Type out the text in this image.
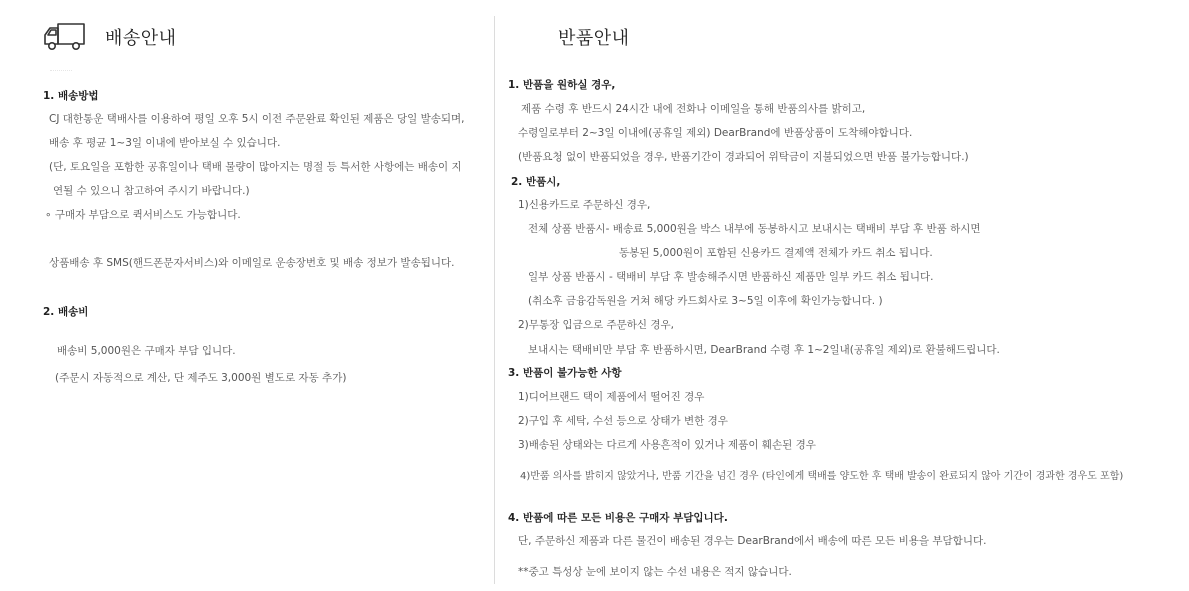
배송안내
1. 배송방법
CJ 대한통운 택배사를 이용하여 평일 오후 5시 이전 주문완료 확인된 제품은 당일 발송되며,
배송 후 평균 1~3일 이내에 받아보실 수 있습니다.
(단, 토요일을 포함한 공휴일이나 택배 물량이 많아지는 명절 등 특서한 사항에는 배송이 지
연될 수 있으니 참고하여 주시기 바랍니다.)
∘ 구매자 부담으로 퀵서비스도 가능합니다.
상품배송 후 SMS(핸드폰문자서비스)와 이메일로 운송장번호 및 배송 정보가 발송됩니다.
2. 배송비
배송비 5,000원은 구매자 부담 입니다.
(주문시 자동적으로 계산, 단 제주도 3,000원 별도로 자동 추가)
반품안내
1. 반품을 원하실 경우,
제품 수령 후 반드시 24시간 내에 전화나 이메일을 통해 반품의사를 밝히고,
수령일로부터 2~3일 이내에(공휴일 제외) DearBrand에 반품상품이 도착해야합니다.
(반품요청 없이 반품되었을 경우, 반품기간이 경과되어 위탁금이 지불되었으면 반품 불가능합니다.)
2. 반품시,
1)신용카드로 주문하신 경우,
전체 상품 반품시- 배송료 5,000원을 박스 내부에 동봉하시고 보내시는 택배비 부담 후 반품 하시면
동봉된 5,000원이 포함된 신용카드 결제액 전체가 카드 취소 됩니다.
일부 상품 반품시 - 택배비 부담 후 발송해주시면 반품하신 제품만 일부 카드 취소 됩니다.
(취소후 금융감독원을 거쳐 해당 카드회사로 3~5일 이후에 확인가능합니다. )
2)무통장 입금으로 주문하신 경우,
보내시는 택배비만 부담 후 반품하시면, DearBrand 수령 후 1~2일내(공휴일 제외)로 환불해드립니다.
3. 반품이 불가능한 사항
1)디어브랜드 택이 제품에서 떨어진 경우
2)구입 후 세탁, 수선 등으로 상태가 변한 경우
3)배송된 상태와는 다르게 사용흔적이 있거나 제품이 훼손된 경우
4)반품 의사를 밝히지 않았거나, 반품 기간을 넘긴 경우 (타인에게 택배를 양도한 후 택배 발송이 완료되지 않아 기간이 경과한 경우도 포함)
4. 반품에 따른 모든 비용은 구매자 부담입니다.
단, 주문하신 제품과 다른 물건이 배송된 경우는 DearBrand에서 배송에 따른 모든 비용을 부담합니다.
**중고 특성상 눈에 보이지 않는 수선 내용은 적지 않습니다.
